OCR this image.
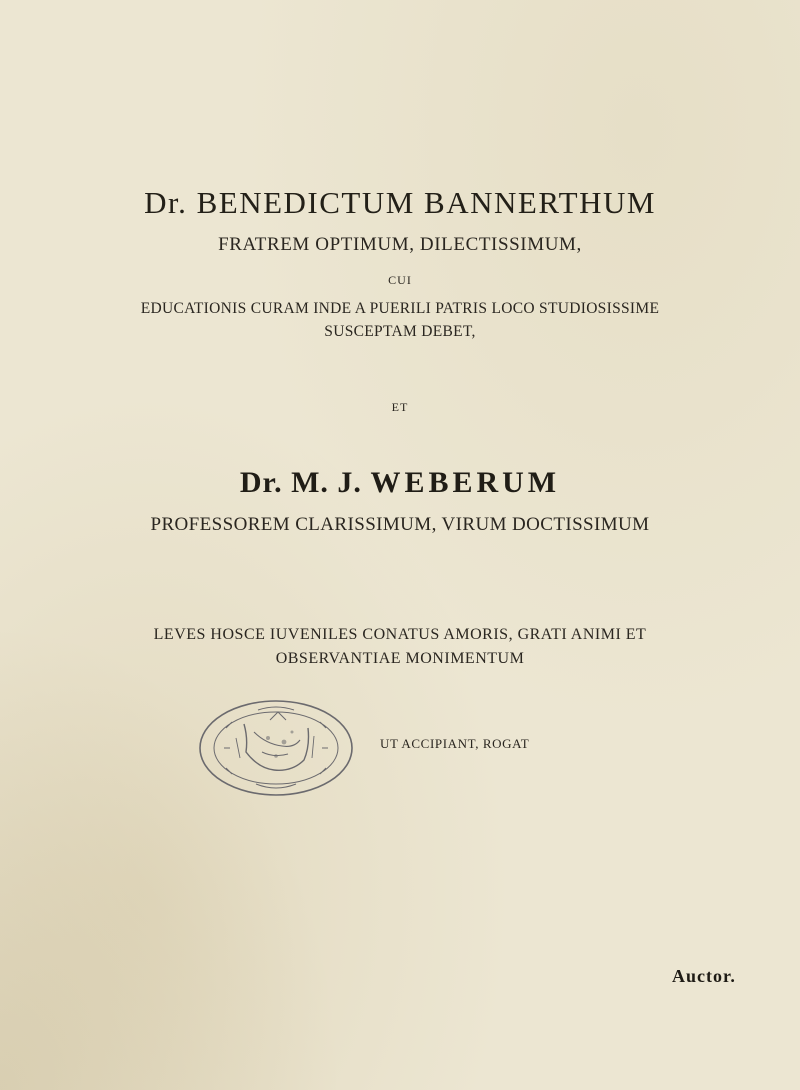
Dr. BENEDICTUM BANNERTHUM
FRATREM OPTIMUM, DILECTISSIMUM,
CUI
EDUCATIONIS CURAM INDE A PUERILI PATRIS LOCO STUDIOSISSIME
SUSCEPTAM DEBET,
ET
Dr. M. J. WEBERUM
PROFESSOREM CLARISSIMUM, VIRUM DOCTISSIMUM
LEVES HOSCE IUVENILES CONATUS AMORIS, GRATI ANIMI ET
OBSERVANTIAE MONIMENTUM
UT ACCIPIANT, ROGAT
Auctor.
